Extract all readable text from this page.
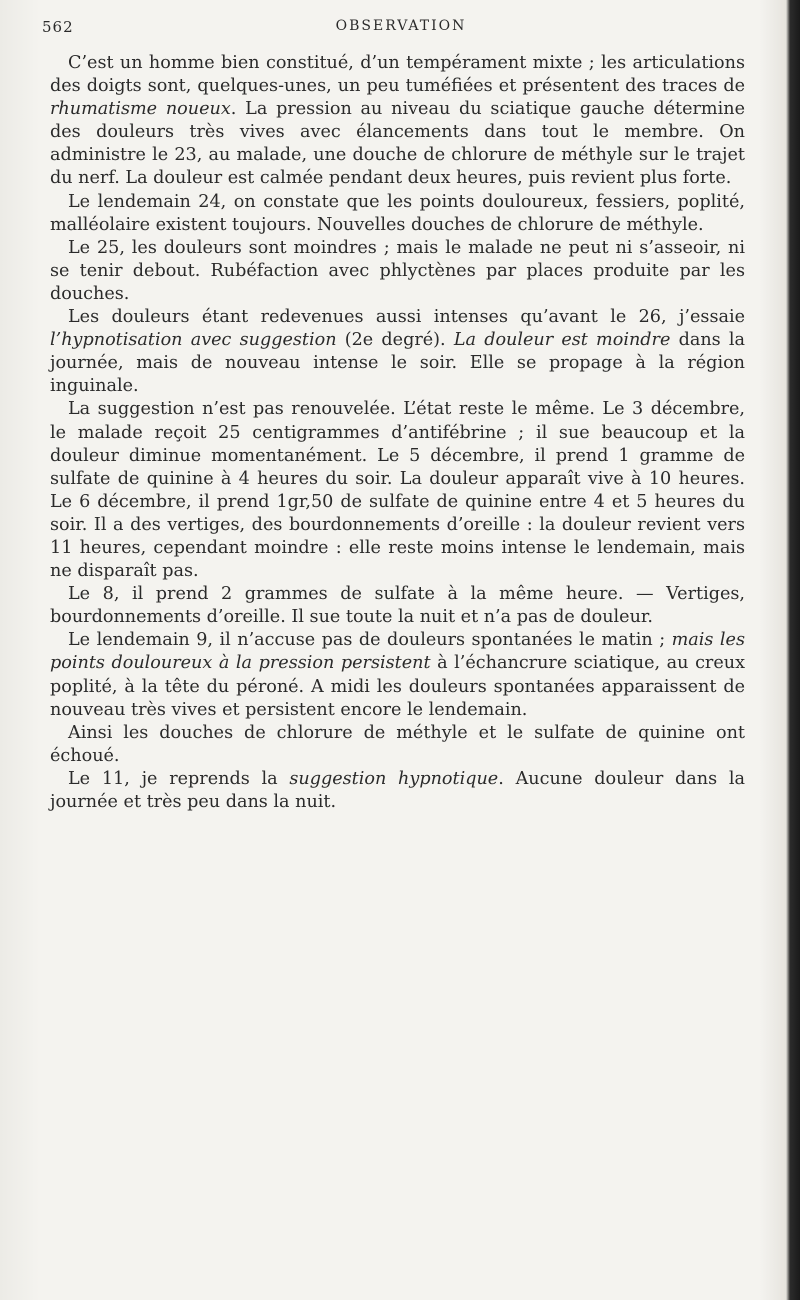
562	OBSERVATION

C’est un homme bien constitué, d’un tempérament mixte ; les articulations des doigts sont, quelques-unes, un peu tuméfiées et présentent des traces de rhumatisme noueux. La pression au niveau du sciatique gauche détermine des douleurs très vives avec élancements dans tout le membre. On administre le 23, au malade, une douche de chlorure de méthyle sur le trajet du nerf. La douleur est calmée pendant deux heures, puis revient plus forte.

Le lendemain 24, on constate que les points douloureux, fessiers, poplité, malléolaire existent toujours. Nouvelles douches de chlorure de méthyle.

Le 25, les douleurs sont moindres ; mais le malade ne peut ni s’asseoir, ni se tenir debout. Rubéfaction avec phlyctènes par places produite par les douches.

Les douleurs étant redevenues aussi intenses qu’avant le 26, j’essaie l’hypnotisation avec suggestion (2e degré). La douleur est moindre dans la journée, mais de nouveau intense le soir. Elle se propage à la région inguinale.

La suggestion n’est pas renouvelée. L’état reste le même. Le 3 décembre, le malade reçoit 25 centigrammes d’antifébrine ; il sue beaucoup et la douleur diminue momentanément. Le 5 décembre, il prend 1 gramme de sulfate de quinine à 4 heures du soir. La douleur apparaît vive à 10 heures. Le 6 décembre, il prend 1gr,50 de sulfate de quinine entre 4 et 5 heures du soir. Il a des vertiges, des bourdonnements d’oreille : la douleur revient vers 11 heures, cependant moindre : elle reste moins intense le lendemain, mais ne disparaît pas.

Le 8, il prend 2 grammes de sulfate à la même heure. — Vertiges, bourdonnements d’oreille. Il sue toute la nuit et n’a pas de douleur.

Le lendemain 9, il n’accuse pas de douleurs spontanées le matin ; mais les points douloureux à la pression persistent à l’échancrure sciatique, au creux poplité, à la tête du péroné. A midi les douleurs spontanées apparaissent de nouveau très vives et persistent encore le lendemain.

Ainsi les douches de chlorure de méthyle et le sulfate de quinine ont échoué.

Le 11, je reprends la suggestion hypnotique. Aucune douleur dans la journée et très peu dans la nuit.
